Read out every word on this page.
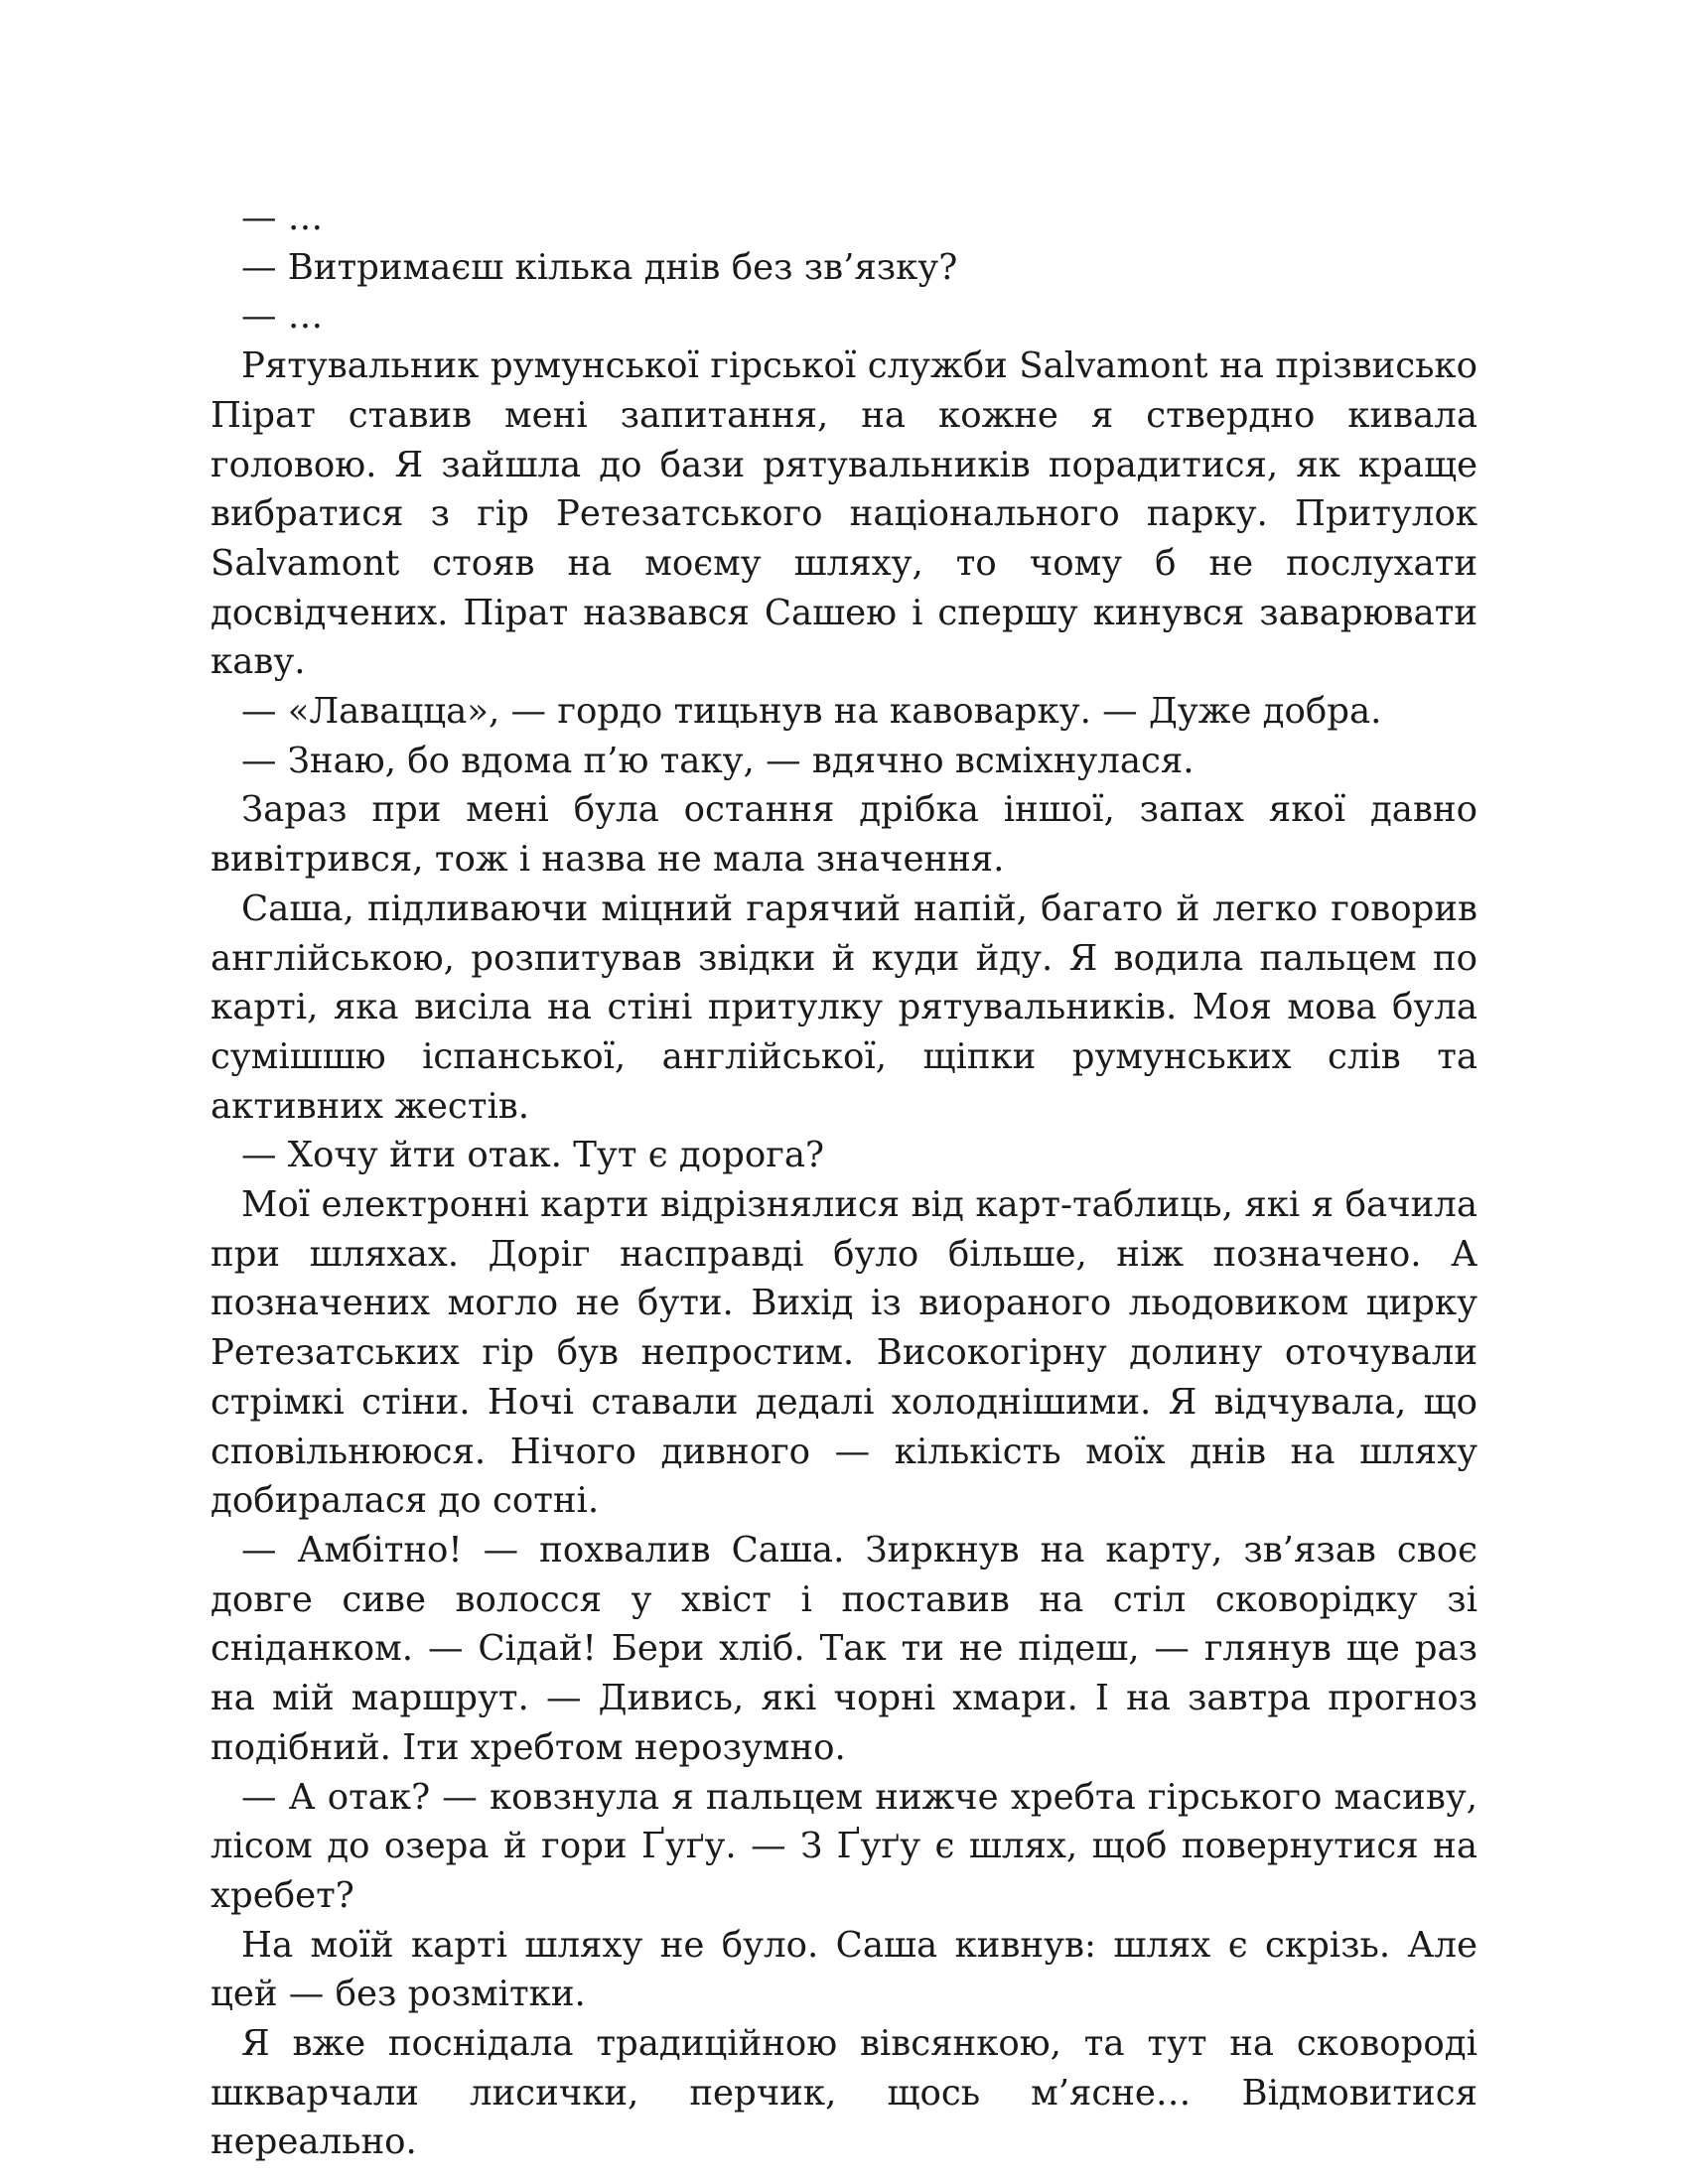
— …

— Витримаєш кілька днів без зв’язку?

— …

Рятувальник румунської гірської служби Salvamont на прізвисько Пірат ставив мені запитання, на кожне я ствердно кивала головою. Я зайшла до бази рятувальників порадитися, як краще вибратися з гір Ретезатського національного парку. Притулок Salvamont стояв на моєму шляху, то чому б не послухати досвідчених. Пірат назвався Сашею і спершу кинувся заварювати каву.

— «Лавацца», — гордо тицьнув на кавоварку. — Дуже добра.

— Знаю, бо вдома п’ю таку, — вдячно всміхнулася.

Зараз при мені була остання дрібка іншої, запах якої давно вивітрився, тож і назва не мала значення.

Саша, підливаючи міцний гарячий напій, багато й легко говорив англійською, розпитував звідки й куди йду. Я водила пальцем по карті, яка висіла на стіні притулку рятувальників. Моя мова була сумішшю іспанської, англійської, щіпки румунських слів та активних жестів.

— Хочу йти отак. Тут є дорога?

Мої електронні карти відрізнялися від карт-таблиць, які я бачила при шляхах. Доріг насправді було більше, ніж позначено. А позначених могло не бути. Вихід із виораного льодовиком цирку Ретезатських гір був непростим. Високогірну долину оточували стрімкі стіни. Ночі ставали дедалі холоднішими. Я відчувала, що сповільнююся. Нічого дивного — кількість моїх днів на шляху добиралася до сотні.

— Амбітно! — похвалив Саша. Зиркнув на карту, зв’язав своє довге сиве волосся у хвіст і поставив на стіл сковорідку зі сніданком. — Сідай! Бери хліб. Так ти не підеш, — глянув ще раз на мій маршрут. — Дивись, які чорні хмари. І на завтра прогноз подібний. Іти хребтом нерозумно.

— А отак? — ковзнула я пальцем нижче хребта гірського масиву, лісом до озера й гори Ґуґу. — З Ґуґу є шлях, щоб повернутися на хребет?

На моїй карті шляху не було. Саша кивнув: шлях є скрізь. Але цей — без розмітки.

Я вже поснідала традиційною вівсянкою, та тут на сковороді шкварчали лисички, перчик, щось м’ясне… Відмовитися нереально.
